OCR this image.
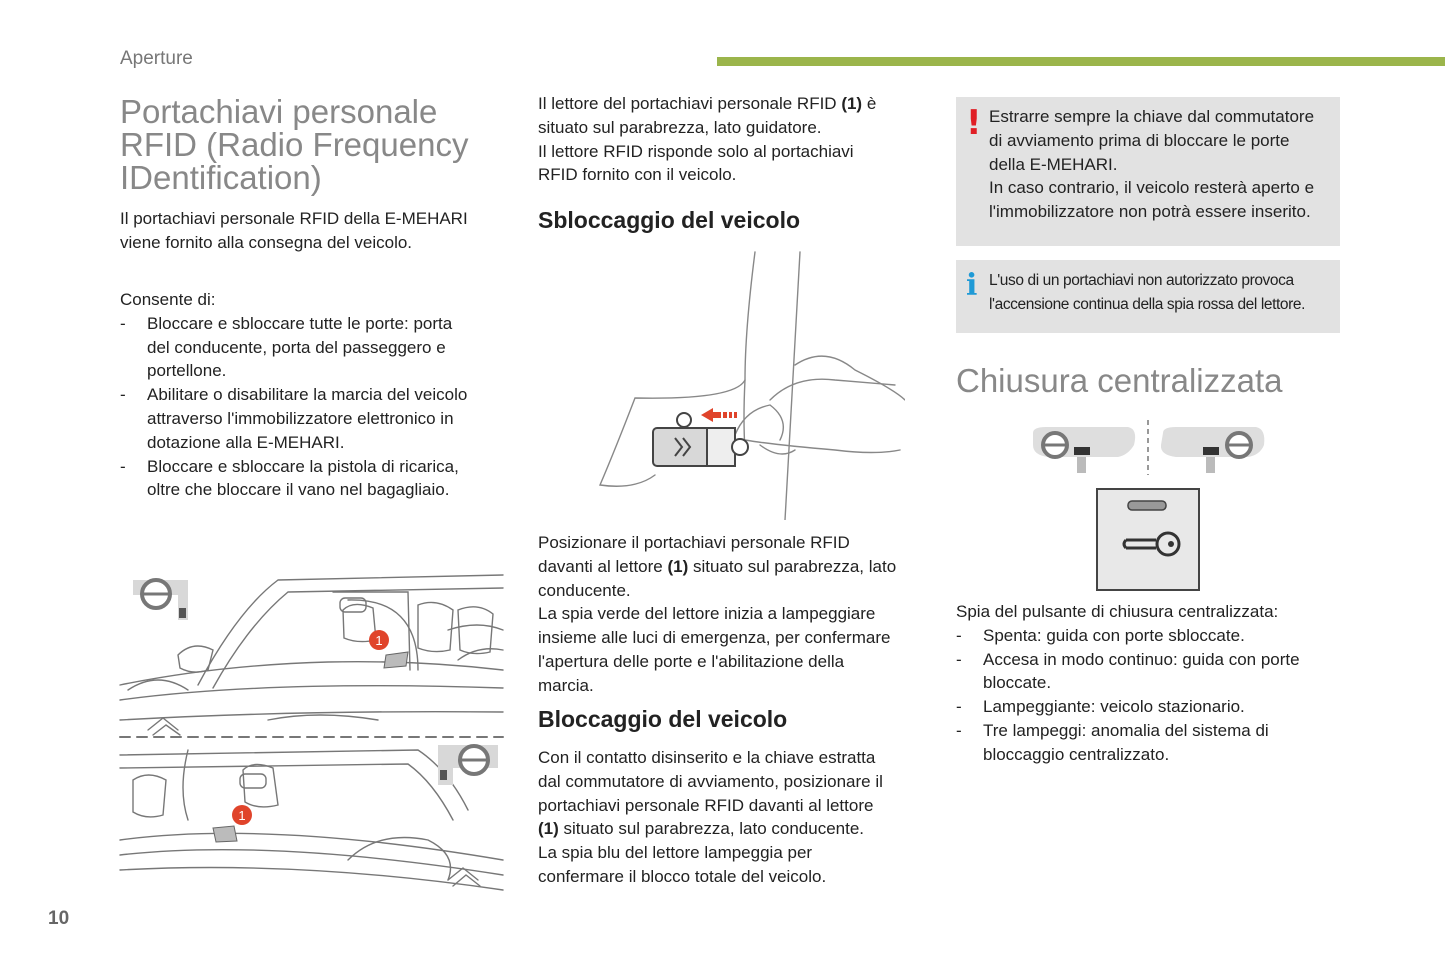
Aperture
Portachiavi personale
RFID (Radio Frequency
IDentification)
Il portachiavi personale RFID della E-MEHARI
viene fornito alla consegna del veicolo.
Consente di:
- Bloccare e sbloccare tutte le porte: porta
del conducente, porta del passeggero e
portellone.
- Abilitare o disabilitare la marcia del veicolo
attraverso l'immobilizzatore elettronico in
dotazione alla E-MEHARI.
- Bloccare e sbloccare la pistola di ricarica,
oltre che bloccare il vano nel bagagliaio.
1
1
Il lettore del portachiavi personale RFID (1) è
situato sul parabrezza, lato guidatore.
Il lettore RFID risponde solo al portachiavi
RFID fornito con il veicolo.
Sbloccaggio del veicolo
Posizionare il portachiavi personale RFID
davanti al lettore (1) situato sul parabrezza, lato
conducente.
La spia verde del lettore inizia a lampeggiare
insieme alle luci di emergenza, per confermare
l'apertura delle porte e l'abilitazione della
marcia.
Bloccaggio del veicolo
Con il contatto disinserito e la chiave estratta
dal commutatore di avviamento, posizionare il
portachiavi personale RFID davanti al lettore
(1) situato sul parabrezza, lato conducente.
La spia blu del lettore lampeggia per
confermare il blocco totale del veicolo.
! Estrarre sempre la chiave dal commutatore
di avviamento prima di bloccare le porte
della E-MEHARI.
In caso contrario, il veicolo resterà aperto e
l'immobilizzatore non potrà essere inserito.
i L'uso di un portachiavi non autorizzato provoca
l'accensione continua della spia rossa del lettore.
Chiusura centralizzata
Spia del pulsante di chiusura centralizzata:
- Spenta: guida con porte sbloccate.
- Accesa in modo continuo: guida con porte
bloccate.
- Lampeggiante: veicolo stazionario.
- Tre lampeggi: anomalia del sistema di
bloccaggio centralizzato.
10
